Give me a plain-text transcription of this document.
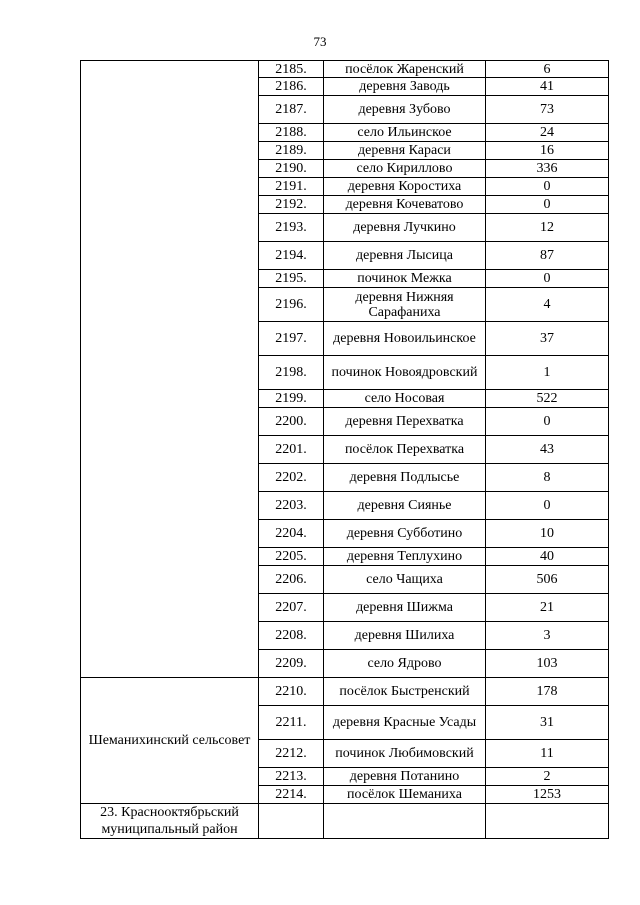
73
	2185.	посёлок Жаренский	6
	2186.	деревня Заводь	41
	2187.	деревня Зубово	73
	2188.	село Ильинское	24
	2189.	деревня Караси	16
	2190.	село Кириллово	336
	2191.	деревня Коростиха	0
	2192.	деревня Кочеватово	0
	2193.	деревня Лучкино	12
	2194.	деревня Лысица	87
	2195.	починок Межка	0
	2196.	деревня Нижняя Сарафаниха	4
	2197.	деревня Новоильинское	37
	2198.	починок Новоядровский	1
	2199.	село Носовая	522
	2200.	деревня Перехватка	0
	2201.	посёлок Перехватка	43
	2202.	деревня Подлысье	8
	2203.	деревня Сиянье	0
	2204.	деревня Субботино	10
	2205.	деревня Теплухино	40
	2206.	село Чащиха	506
	2207.	деревня Шижма	21
	2208.	деревня Шилиха	3
	2209.	село Ядрово	103
Шеманихинский сельсовет	2210.	посёлок Быстренский	178
	2211.	деревня Красные Усады	31
	2212.	починок Любимовский	11
	2213.	деревня Потанино	2
	2214.	посёлок Шеманиха	1253
23. Краснооктябрьский муниципальный район			
